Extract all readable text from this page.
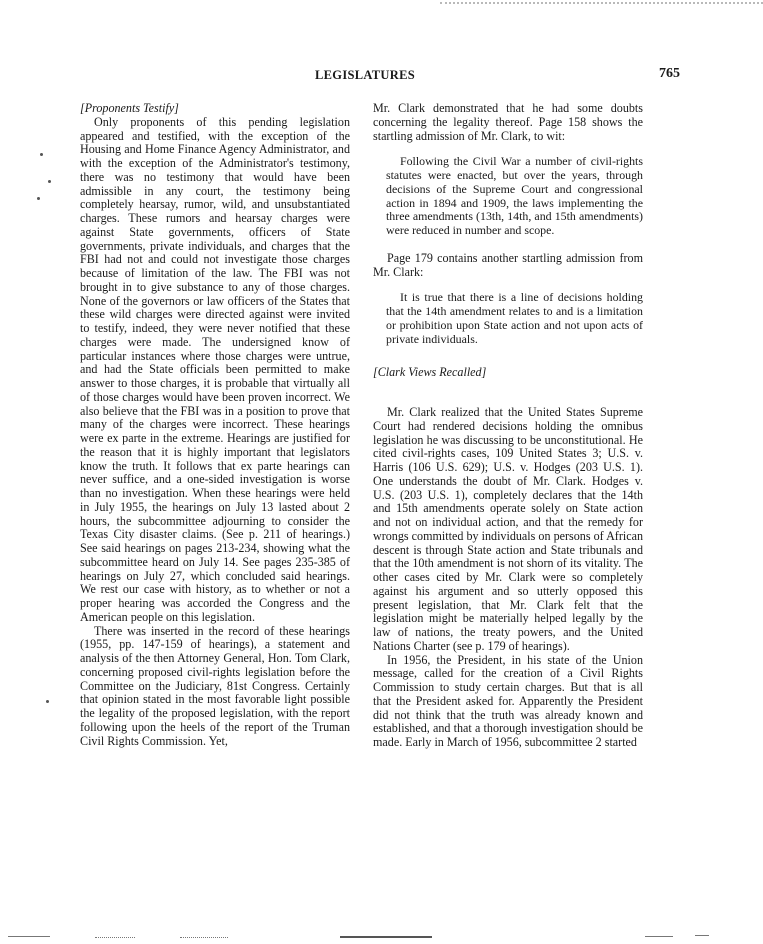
LEGISLATURES	765

[Proponents Testify]

Only proponents of this pending legislation appeared and testified, with the exception of the Housing and Home Finance Agency Administrator, and with the exception of the Administrator's testimony, there was no testimony that would have been admissible in any court, the testimony being completely hearsay, rumor, wild, and unsubstantiated charges. These rumors and hearsay charges were against State governments, officers of State governments, private individuals, and charges that the FBI had not and could not investigate those charges because of limitation of the law. The FBI was not brought in to give substance to any of those charges. None of the governors or law officers of the States that these wild charges were directed against were invited to testify, indeed, they were never notified that these charges were made. The undersigned know of particular instances where those charges were untrue, and had the State officials been permitted to make answer to those charges, it is probable that virtually all of those charges would have been proven incorrect. We also believe that the FBI was in a position to prove that many of the charges were incorrect. These hearings were ex parte in the extreme. Hearings are justified for the reason that it is highly important that legislators know the truth. It follows that ex parte hearings can never suffice, and a one-sided investigation is worse than no investigation. When these hearings were held in July 1955, the hearings on July 13 lasted about 2 hours, the subcommittee adjourning to consider the Texas City disaster claims. (See p. 211 of hearings.) See said hearings on pages 213-234, showing what the subcommittee heard on July 14. See pages 235-385 of hearings on July 27, which concluded said hearings. We rest our case with history, as to whether or not a proper hearing was accorded the Congress and the American people on this legislation.

There was inserted in the record of these hearings (1955, pp. 147-159 of hearings), a statement and analysis of the then Attorney General, Hon. Tom Clark, concerning proposed civil-rights legislation before the Committee on the Judiciary, 81st Congress. Certainly that opinion stated in the most favorable light possible the legality of the proposed legislation, with the report following upon the heels of the report of the Truman Civil Rights Commission. Yet,

Mr. Clark demonstrated that he had some doubts concerning the legality thereof. Page 158 shows the startling admission of Mr. Clark, to wit:

Following the Civil War a number of civil-rights statutes were enacted, but over the years, through decisions of the Supreme Court and congressional action in 1894 and 1909, the laws implementing the three amendments (13th, 14th, and 15th amendments) were reduced in number and scope.

Page 179 contains another startling admission from Mr. Clark:

It is true that there is a line of decisions holding that the 14th amendment relates to and is a limitation or prohibition upon State action and not upon acts of private individuals.

[Clark Views Recalled]

Mr. Clark realized that the United States Supreme Court had rendered decisions holding the omnibus legislation he was discussing to be unconstitutional. He cited civil-rights cases, 109 United States 3; U.S. v. Harris (106 U.S. 629); U.S. v. Hodges (203 U.S. 1). One understands the doubt of Mr. Clark. Hodges v. U.S. (203 U.S. 1), completely declares that the 14th and 15th amendments operate solely on State action and not on individual action, and that the remedy for wrongs committed by individuals on persons of African descent is through State action and State tribunals and that the 10th amendment is not shorn of its vitality. The other cases cited by Mr. Clark were so completely against his argument and so utterly opposed this present legislation, that Mr. Clark felt that the legislation might be materially helped legally by the law of nations, the treaty powers, and the United Nations Charter (see p. 179 of hearings).

In 1956, the President, in his state of the Union message, called for the creation of a Civil Rights Commission to study certain charges. But that is all that the President asked for. Apparently the President did not think that the truth was already known and established, and that a thorough investigation should be made. Early in March of 1956, subcommittee 2 started
